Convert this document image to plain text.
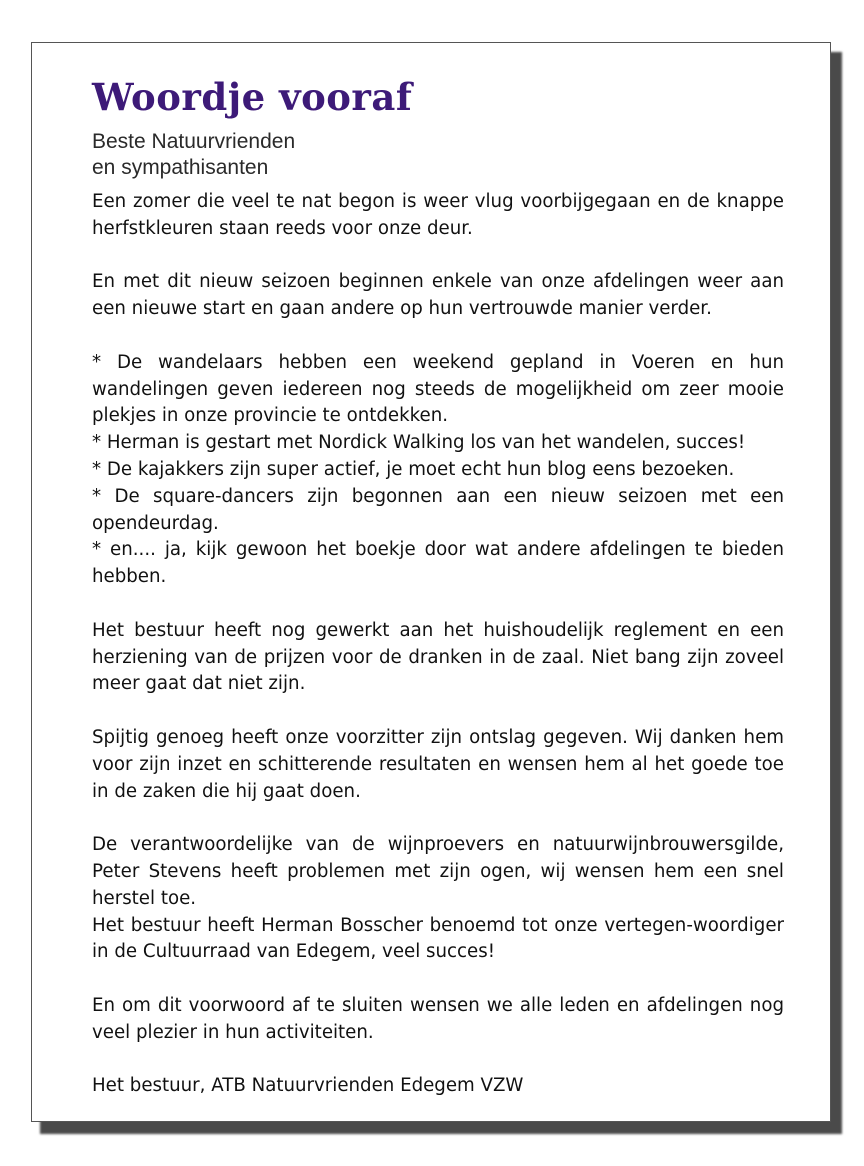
Woordje vooraf
Beste Natuurvrienden
en sympathisanten

Een zomer die veel te nat begon is weer vlug voorbijgegaan en de knappe herfstkleuren staan reeds voor onze deur.

En met dit nieuw seizoen beginnen enkele van onze afdelingen weer aan een nieuwe start en gaan andere op hun vertrouwde manier verder.

* De wandelaars hebben een weekend gepland in Voeren en hun wandelingen geven iedereen nog steeds de mogelijkheid om zeer mooie plekjes in onze provincie te ontdekken.

* Herman is gestart met Nordick Walking los van het wandelen, succes!

* De kajakkers zijn super actief, je moet echt hun blog eens bezoeken.

* De square-dancers zijn begonnen aan een nieuw seizoen met een opendeurdag.

* en.... ja, kijk gewoon het boekje door wat andere afdelingen te bieden hebben.

Het bestuur heeft nog gewerkt aan het huishoudelijk reglement en een herziening van de prijzen voor de dranken in de zaal. Niet bang zijn zoveel meer gaat dat niet zijn.

Spijtig genoeg heeft onze voorzitter zijn ontslag gegeven. Wij danken hem voor zijn inzet en schitterende resultaten en wensen hem al het goede toe in de zaken die hij gaat doen.

De verantwoordelijke van de wijnproevers en natuurwijnbrouwersgilde, Peter Stevens heeft problemen met zijn ogen, wij wensen hem een snel herstel toe.

Het bestuur heeft Herman Bosscher benoemd tot onze vertegen-woordiger in de Cultuurraad van Edegem, veel succes!

En om dit voorwoord af te sluiten wensen we alle leden en afdelingen nog veel plezier in hun activiteiten.

Het bestuur, ATB Natuurvrienden Edegem VZW
